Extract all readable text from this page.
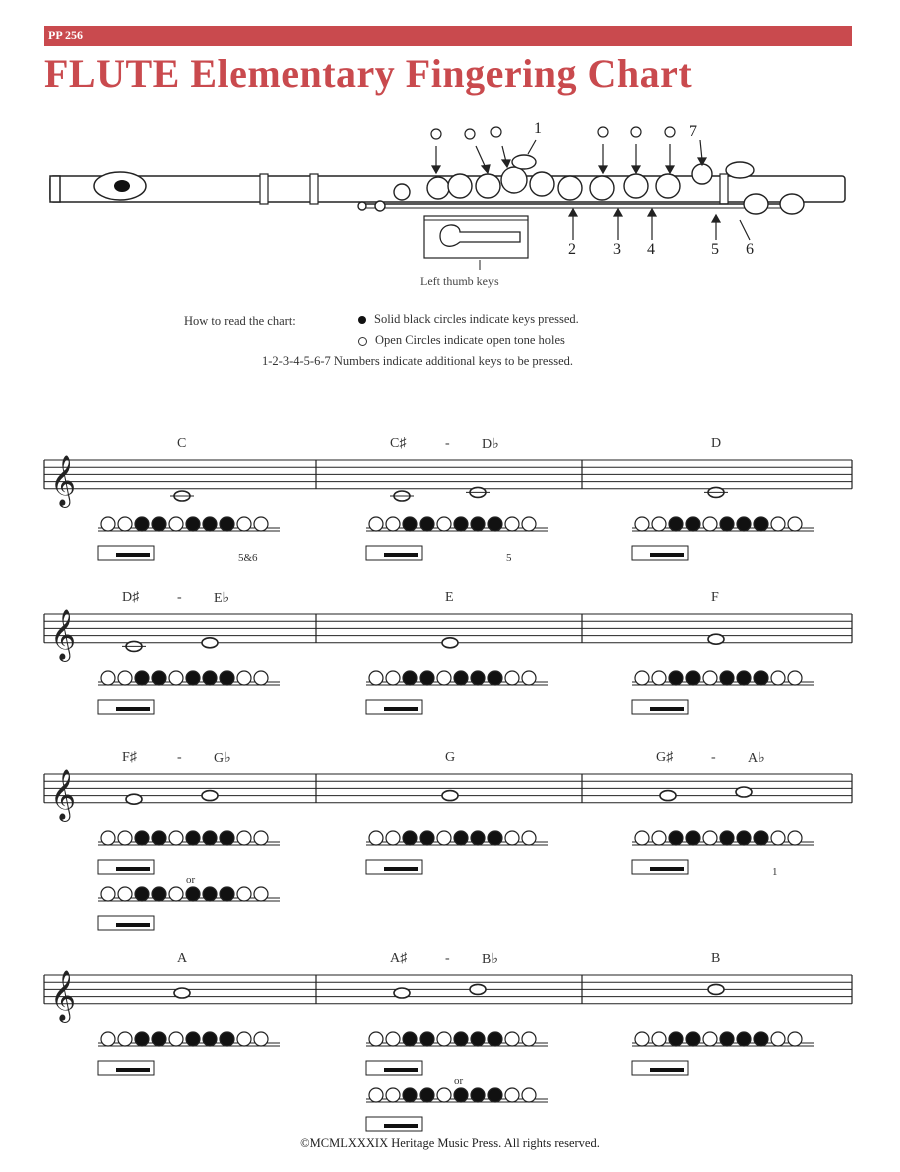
PP 256
FLUTE Elementary Fingering Chart
1
2 3 4	5 6
7
Left thumb keys
How to read the chart:	Solid black circles indicate keys pressed.
Open Circles indicate open tone holes
1-2-3-4-5-6-7 Numbers indicate additional keys to be pressed.
𝄞
𝄞
𝄞
𝄞
C
5&6
C♯	- D♭
5
D
D♯	- E♭	E	F
F♯	- G♭
or
G	G♯	- A♭
1
A	A♯	- B♭
or
B
©MCMLXXXIX Heritage Music Press. All rights reserved.
